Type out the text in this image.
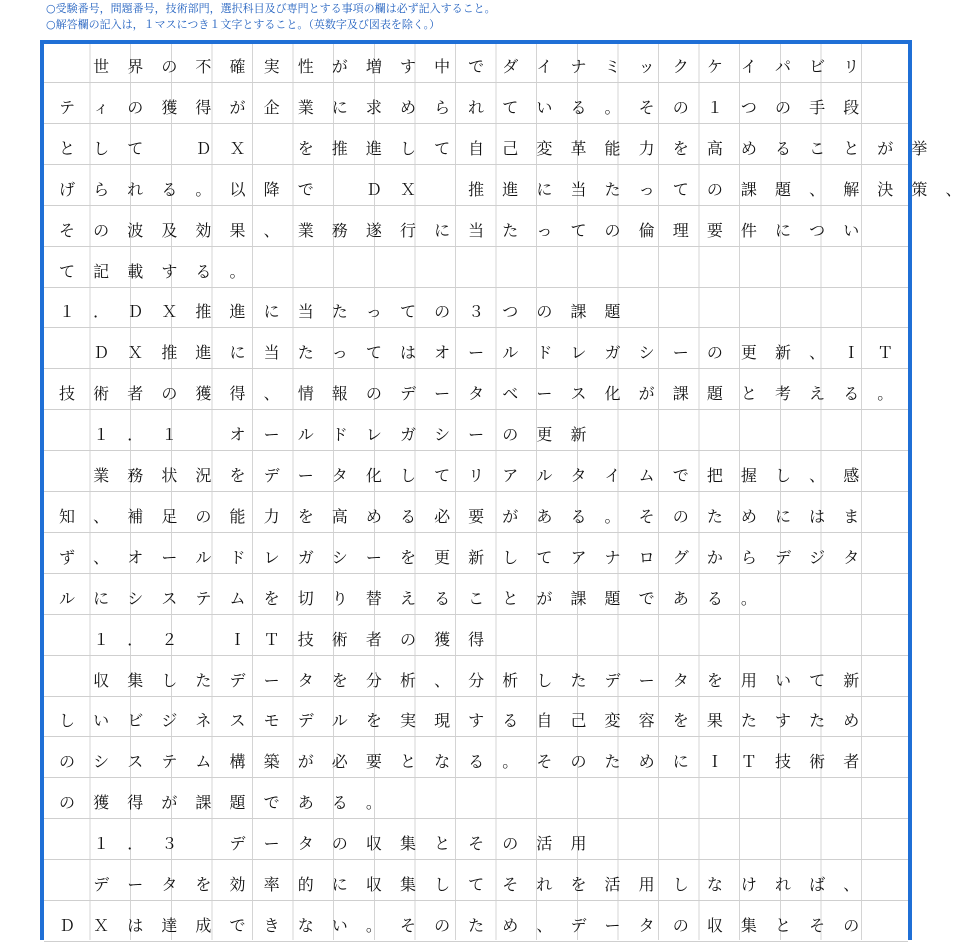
○受験番号，問題番号，技術部門，選択科目及び専門とする事項の欄は必ず記入すること。
○解答欄の記入は，１マスにつき１文字とすること。（英数字及び図表を除く。）
　世 界 の 不 確 実 性 が 増 す 中 で ダ イ ナ ミ ッ ク ケ イ パ ビ リ
テ ィ の 獲 得 が 企 業 に 求 め ら れ て い る 。 そ の １ つ の 手 段
と し て　	Ｄ Ｘ　	を 推 進 し て 自 己 変 革 能 力 を 高 め る こ と が 挙
げ ら れ る 。 以 降 で　	Ｄ Ｘ　	推 進 に 当 た っ て の 課 題 、 解 決 策 、
そ の 波 及 効 果 、 業 務 遂 行 に 当 た っ て の 倫 理 要 件 に つ い
て 記 載 す る 。
１ ． Ｄ Ｘ 推 進 に 当 た っ て の ３ つ の 課 題
　Ｄ Ｘ 推 進 に 当 た っ て は オ ー ル ド レ ガ シ ー の 更 新 、 Ｉ Ｔ
技 術 者 の 獲 得 、 情 報 の デ ー タ ベ ー ス 化 が 課 題 と 考 え る 。
　１ ． １　	オ ー ル ド レ ガ シ ー の 更 新
　業 務 状 況 を デ ー タ 化 し て リ ア ル タ イ ム で 把 握 し 、 感
知 、 補 足 の 能 力 を 高 め る 必 要 が あ る 。 そ の た め に は ま
ず 、 オ ー ル ド レ ガ シ ー を 更 新 し て ア ナ ロ グ か ら デ ジ タ
ル に シ ス テ ム を 切 り 替 え る こ と が 課 題 で あ る 。
　１ ． ２　	Ｉ Ｔ 技 術 者 の 獲 得
　収 集 し た デ ー タ を 分 析 、 分 析 し た デ ー タ を 用 い て 新
し い ビ ジ ネ ス モ デ ル を 実 現 す る 自 己 変 容 を 果 た す た め
の シ ス テ ム 構 築 が 必 要 と な る 。 そ の た め に Ｉ Ｔ 技 術 者
の 獲 得 が 課 題 で あ る 。
　１ ． ３　	デ ー タ の 収 集 と そ の 活 用
　デ ー タ を 効 率 的 に 収 集 し て そ れ を 活 用 し な け れ ば 、
Ｄ Ｘ は 達 成 で き な い 。 そ の た め 、 デ ー タ の 収 集 と そ の
